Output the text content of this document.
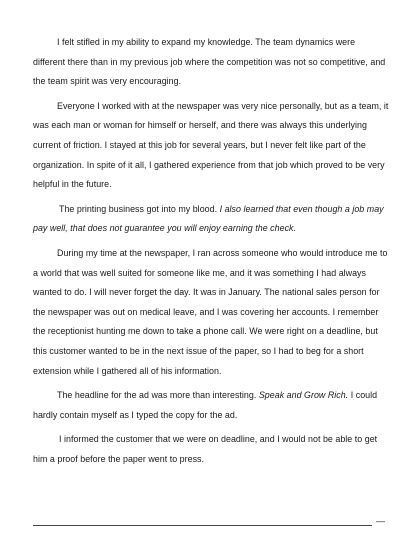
I felt stifled in my ability to expand my knowledge. The team dynamics were different there than in my previous job where the competition was not so competitive, and the team spirit was very encouraging.

Everyone I worked with at the newspaper was very nice personally, but as a team, it was each man or woman for himself or herself, and there was always this underlying current of friction. I stayed at this job for several years, but I never felt like part of the organization. In spite of it all, I gathered experience from that job which proved to be very helpful in the future.

The printing business got into my blood. I also learned that even though a job may pay well, that does not guarantee you will enjoy earning the check.

During my time at the newspaper, I ran across someone who would introduce me to a world that was well suited for someone like me, and it was something I had always wanted to do. I will never forget the day. It was in January. The national sales person for the newspaper was out on medical leave, and I was covering her accounts. I remember the receptionist hunting me down to take a phone call. We were right on a deadline, but this customer wanted to be in the next issue of the paper, so I had to beg for a short extension while I gathered all of his information.

The headline for the ad was more than interesting. Speak and Grow Rich. I could hardly contain myself as I typed the copy for the ad.

I informed the customer that we were on deadline, and I would not be able to get him a proof before the paper went to press.

—
